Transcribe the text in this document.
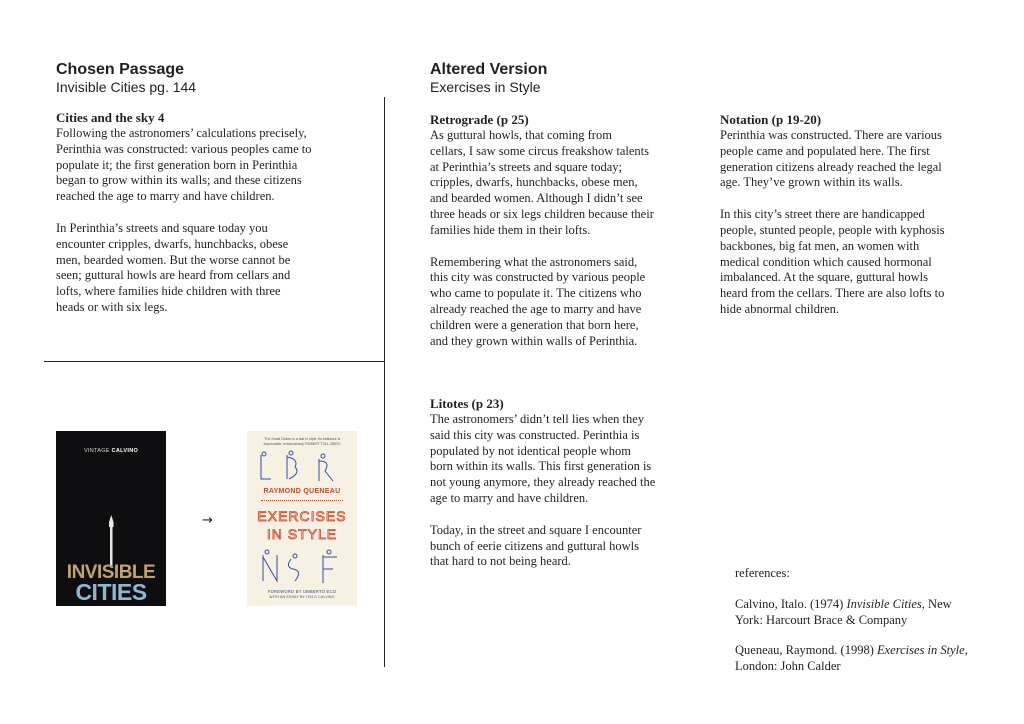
Chosen Passage
Invisible Cities pg. 144
Cities and the sky 4

Following the astronomers’ calculations precisely,
Perinthia was constructed: various peoples came to
populate it; the first generation born in Perinthia
began to grow within its walls; and these citizens
reached the age to marry and have children.

In Perinthia’s streets and square today you
encounter cripples, dwarfs, hunchbacks, obese
men, bearded women. But the worse cannot be
seen; guttural howls are heard from cellars and
lofts, where families hide children with three
heads or with six legs.

VINTAGE CALVINO
INVISIBLE
CITIES
→
'The Small Ocean is a tale in style. Its brilliance is impeccable, extraordinary' ROBERT TOLL-BERG
RAYMOND QUENEAU
EXERCISES
IN STYLE
FOREWORD BY UMBERTO ECO
WITH AN ESSAY BY ITALO CALVINO
Altered Version
Exercises in Style
Retrograde (p 25)

As guttural howls, that coming from
cellars, I saw some circus freakshow talents
at Perinthia’s streets and square today;
cripples, dwarfs, hunchbacks, obese men,
and bearded women. Although I didn’t see
three heads or six legs children because their
families hide them in their lofts.

Remembering what the astronomers said,
this city was constructed by various people
who came to populate it. The citizens who
already reached the age to marry and have
children were a generation that born here,
and they grown within walls of Perinthia.

Litotes (p 23)

The astronomers’ didn’t tell lies when they
said this city was constructed. Perinthia is
populated by not identical people whom
born within its walls. This first generation is
not young anymore, they already reached the
age to marry and have children.

Today, in the street and square I encounter
bunch of eerie citizens and guttural howls
that hard to not being heard.

Notation (p 19-20)

Perinthia was constructed. There are various
people came and populated here. The first
generation citizens already reached the legal
age. They’ve grown within its walls.

In this city’s street there are handicapped
people, stunted people, people with kyphosis
backbones, big fat men, an women with
medical condition which caused hormonal
imbalanced. At the square, guttural howls
heard from the cellars. There are also lofts to
hide abnormal children.

references:

Calvino, Italo. (1974) Invisible Cities, New
York: Harcourt Brace & Company

Queneau, Raymond. (1998) Exercises in Style,
London: John Calder
